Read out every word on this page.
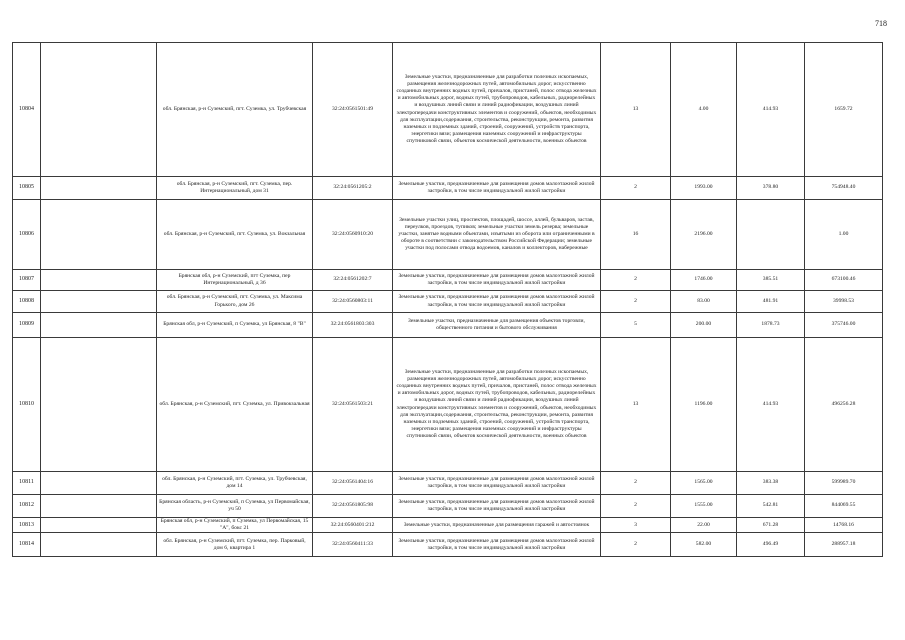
718
10804		обл. Брянская, р-н Суземский, пгт. Суземка, ул. Трубчевская	32:24:0561501:49	Земельные участки, предназначенные для разработки полезных ископаемых, размещения железнодорожных путей, автомобильных дорог, искусственно созданных внутренних водных путей, причалов, пристаней, полос отвода железных и автомобильных дорог, водных путей, трубопроводов, кабельных, радиорелейных и воздушных линий связи и линий радиофикации, воздушных линий электропередачи конструктивных элементов и сооружений, объектов, необходимых для эксплуатации,содержания, строительства, реконструкции, ремонта, развития наземных и подземных зданий, строений, сооружений, устройств транспорта, энергетики вязи; размещения наземных сооружений и инфраструктуры спутниковой связи, объектов космической деятельности, военных объектов	13	4.00	414.93	1659.72
10805		обл. Брянская, р-н Суземский, пгт. Суземка, пер. Интернациональный, дом 31	32:24:0561205:2	Земельные участки, предназначенные для размещения домов малоэтажной жилой застройки, в том числе индивидуальной жилой застройки	2	1993.00	378.80	754948.40
10806		обл. Брянская, р-н Суземский, пгт. Суземка, ул. Вокзальная	32:24:0560910:20	Земельные участки улиц, проспектов, площадей, шоссе, аллей, бульваров, застав, переулков, проездов, тупиков; земельные участки земель резерва; земельные участки, занятые водными объектами, изъятыми из оборота или ограниченными в обороте в соответствии с законодательством Российской Федерации; земельные участки под полосами отвода водоемов, каналов и коллекторов, набережные	16	2196.00		1.00
10807		Брянская обл, р-н Суземский, пгт Суземка, пер Интернациональный, д 36	32:24:0561202:7	Земельные участки, предназначенные для размещения домов малоэтажной жилой застройки, в том числе индивидуальной жилой застройки	2	1746.00	385.51	673100.46
10808		обл. Брянская, р-н Суземский, пгт. Суземка, ул. Максима Горького, дом 26	32:24:0560803:11	Земельные участки, предназначенные для размещения домов малоэтажной жилой застройки, в том числе индивидуальной жилой застройки	2	83.00	481.91	39998.53
10809		Брянская обл, р-н Суземский, п Суземка, ул Брянская, 8 "В"	32:24:0561803:303	Земельные участки, предназначенные для размещения объектов торговли, общественного питания и бытового обслуживания	5	200.00	1878.73	375746.00
10810		обл. Брянская, р-н Суземский, пгт. Суземка, ул. Привокзальная	32:24:0561503:21	Земельные участки, предназначенные для разработки полезных ископаемых, размещения железнодорожных путей, автомобильных дорог, искусственно созданных внутренних водных путей, причалов, пристаней, полос отвода железных и автомобильных дорог, водных путей, трубопроводов, кабельных, радиорелейных и воздушных линий связи и линий радиофикации, воздушных линий электропередачи конструктивных элементов и сооружений, объектов, необходимых для эксплуатации,содержания, строительства, реконструкции, ремонта, развития наземных и подземных зданий, строений, сооружений, устройств транспорта, энергетики вязи; размещения наземных сооружений и инфраструктуры спутниковой связи, объектов космической деятельности, военных объектов	13	1196.00	414.93	496256.28
10811		обл. Брянская, р-н Суземский, пгт. Суземка, ул. Трубчевская, дом 14	32:24:0561404:16	Земельные участки, предназначенные для размещения домов малоэтажной жилой застройки, в том числе индивидуальной жилой застройки	2	1565.00	383.38	599989.70
10812		Брянская область, р-н Суземский, п Суземка, ул Первомайская, уч 50	32:24:0561805:98	Земельные участки, предназначенные для размещения домов малоэтажной жилой застройки, в том числе индивидуальной жилой застройки	2	1555.00	542.81	844069.55
10813		Брянская обл, р-н Суземский, п Суземка, ул Первомайская, 15 "А", бокс 21	32:24:0560401:212	Земельные участки, предназначенные для размещения гаражей и автостоянок	3	22.00	671.28	14768.16
10814		обл. Брянская, р-н Суземский, пгт. Суземка, пер. Парковый, дом 6, квартира 1	32:24:0560411:33	Земельные участки, предназначенные для размещения домов малоэтажной жилой застройки, в том числе индивидуальной жилой застройки	2	582.00	496.49	288957.18
